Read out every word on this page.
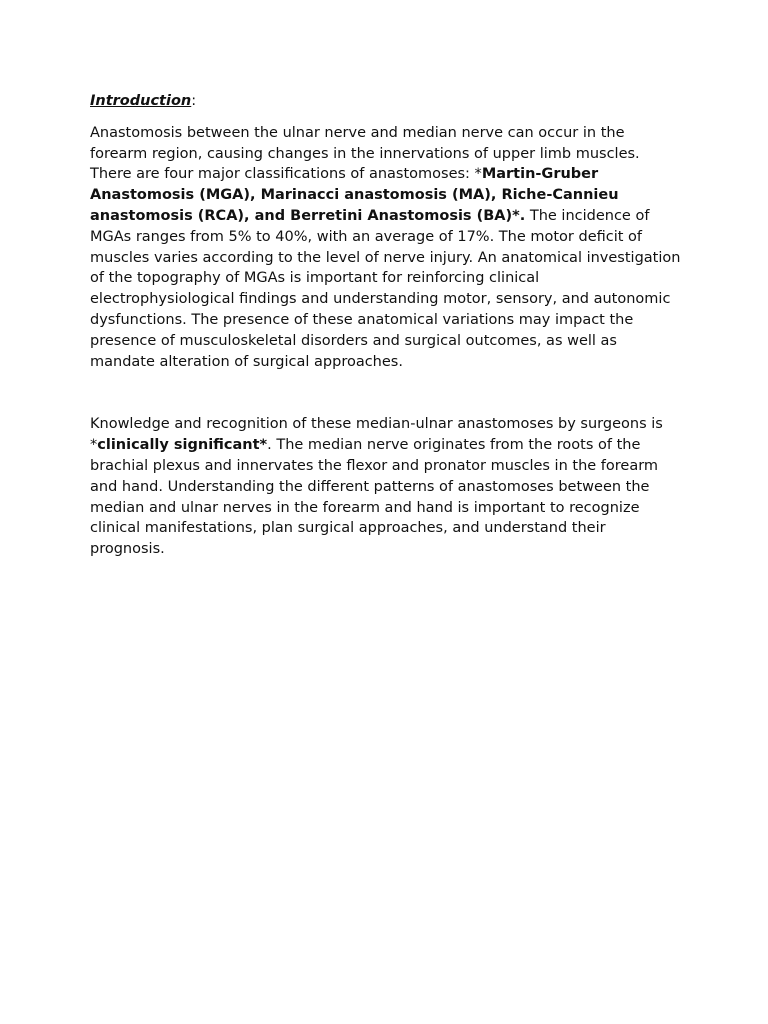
Introduction:

Anastomosis between the ulnar nerve and median nerve can occur in the forearm region, causing changes in the innervations of upper limb muscles. There are four major classifications of anastomoses: *Martin-Gruber Anastomosis (MGA), Marinacci anastomosis (MA), Riche-Cannieu anastomosis (RCA), and Berretini Anastomosis (BA)*. The incidence of MGAs ranges from 5% to 40%, with an average of 17%. The motor deficit of muscles varies according to the level of nerve injury. An anatomical investigation of the topography of MGAs is important for reinforcing clinical electrophysiological findings and understanding motor, sensory, and autonomic dysfunctions. The presence of these anatomical variations may impact the presence of musculoskeletal disorders and surgical outcomes, as well as mandate alteration of surgical approaches.

Knowledge and recognition of these median-ulnar anastomoses by surgeons is *clinically significant*. The median nerve originates from the roots of the brachial plexus and innervates the flexor and pronator muscles in the forearm and hand. Understanding the different patterns of anastomoses between the median and ulnar nerves in the forearm and hand is important to recognize clinical manifestations, plan surgical approaches, and understand their prognosis.
